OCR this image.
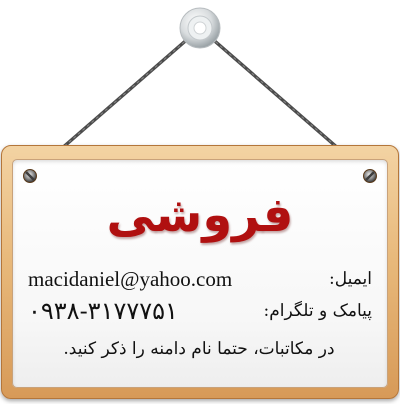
فروشی
macidaniel@yahoo.com	ایمیل:
۰۹۳۸-۳۱۷۷۷۵۱	پیامک و تلگرام:
در مکاتبات، حتما نام دامنه را ذکر کنید.
